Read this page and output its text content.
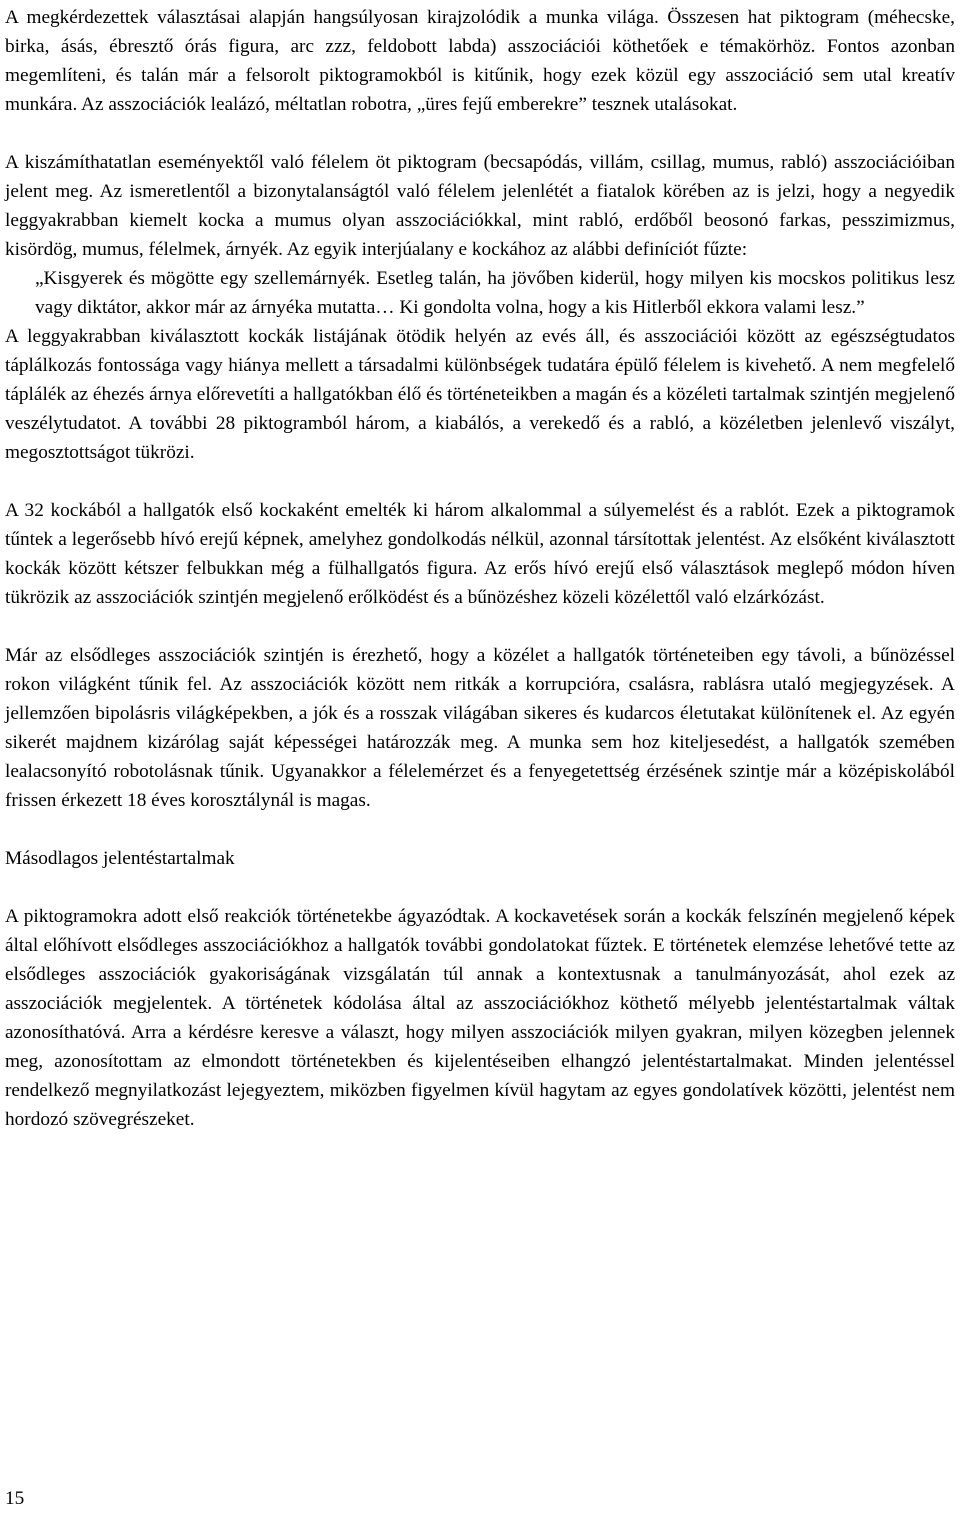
A megkérdezettek választásai alapján hangsúlyosan kirajzolódik a munka világa. Összesen hat piktogram (méhecske, birka, ásás, ébresztő órás figura, arc zzz, feldobott labda) asszociációi köthetőek e témakörhöz. Fontos azonban megemlíteni, és talán már a felsorolt piktogramokból is kitűnik, hogy ezek közül egy asszociáció sem utal kreatív munkára. Az asszociációk lealázó, méltatlan robotra, „üres fejű emberekre” tesznek utalásokat.

A kiszámíthatatlan eseményektől való félelem öt piktogram (becsapódás, villám, csillag, mumus, rabló) asszociációiban jelent meg. Az ismeretlentől a bizonytalanságtól való félelem jelenlétét a fiatalok körében az is jelzi, hogy a negyedik leggyakrabban kiemelt kocka a mumus olyan asszociációkkal, mint rabló, erdőből beosonó farkas, pesszimizmus, kisördög, mumus, félelmek, árnyék. Az egyik interjúalany e kockához az alábbi definíciót fűzte:

„Kisgyerek és mögötte egy szellemárnyék. Esetleg talán, ha jövőben kiderül, hogy milyen kis mocskos politikus lesz vagy diktátor, akkor már az árnyéka mutatta… Ki gondolta volna, hogy a kis Hitlerből ekkora valami lesz.”

A leggyakrabban kiválasztott kockák listájának ötödik helyén az evés áll, és asszociációi között az egészségtudatos táplálkozás fontossága vagy hiánya mellett a társadalmi különbségek tudatára épülő félelem is kivehető. A nem megfelelő táplálék az éhezés árnya előrevetíti a hallgatókban élő és történeteikben a magán és a közéleti tartalmak szintjén megjelenő veszélytudatot. A további 28 piktogramból három, a kiabálós, a verekedő és a rabló, a közéletben jelenlevő viszályt, megosztottságot tükrözi.

A 32 kockából a hallgatók első kockaként emelték ki három alkalommal a súlyemelést és a rablót. Ezek a piktogramok tűntek a legerősebb hívó erejű képnek, amelyhez gondolkodás nélkül, azonnal társítottak jelentést. Az elsőként kiválasztott kockák között kétszer felbukkan még a fülhallgatós figura. Az erős hívó erejű első választások meglepő módon híven tükrözik az asszociációk szintjén megjelenő erőlködést és a bűnözéshez közeli közélettől való elzárkózást.

Már az elsődleges asszociációk szintjén is érezhető, hogy a közélet a hallgatók történeteiben egy távoli, a bűnözéssel rokon világként tűnik fel. Az asszociációk között nem ritkák a korrupcióra, csalásra, rablásra utaló megjegyzések. A jellemzően bipolásris világképekben, a jók és a rosszak világában sikeres és kudarcos életutakat különítenek el. Az egyén sikerét majdnem kizárólag saját képességei határozzák meg. A munka sem hoz kiteljesedést, a hallgatók szemében lealacsonyító robotolásnak tűnik. Ugyanakkor a félelemérzet és a fenyegetettség érzésének szintje már a középiskolából frissen érkezett 18 éves korosztálynál is magas.

Másodlagos jelentéstartalmak

A piktogramokra adott első reakciók történetekbe ágyazódtak. A kockavetések során a kockák felszínén megjelenő képek által előhívott elsődleges asszociációkhoz a hallgatók további gondolatokat fűztek. E történetek elemzése lehetővé tette az elsődleges asszociációk gyakoriságának vizsgálatán túl annak a kontextusnak a tanulmányozását, ahol ezek az asszociációk megjelentek. A történetek kódolása által az asszociációkhoz köthető mélyebb jelentéstartalmak váltak azonosíthatóvá. Arra a kérdésre keresve a választ, hogy milyen asszociációk milyen gyakran, milyen közegben jelennek meg, azonosítottam az elmondott történetekben és kijelentéseiben elhangzó jelentéstartalmakat. Minden jelentéssel rendelkező megnyilatkozást lejegyeztem, miközben figyelmen kívül hagytam az egyes gondolatívek közötti, jelentést nem hordozó szövegrészeket.

15
